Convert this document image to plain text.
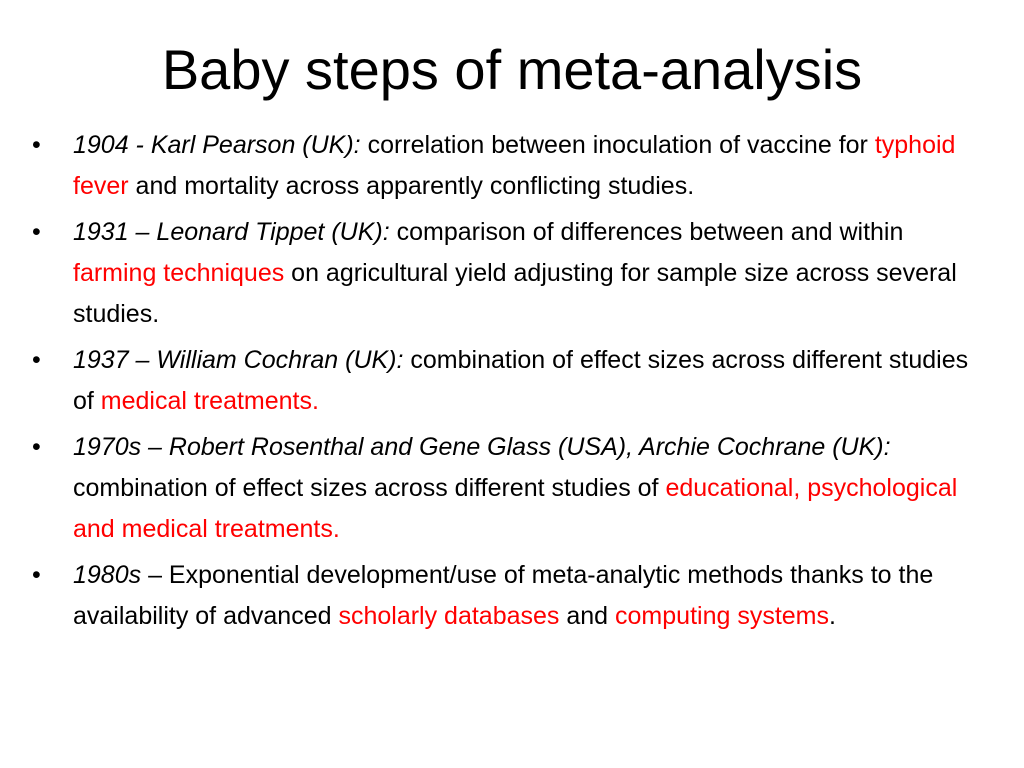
Baby steps of meta-analysis
•	1904 - Karl Pearson (UK): correlation between inoculation of vaccine for typhoid fever and mortality across apparently conflicting studies.
•	1931 – Leonard Tippet (UK): comparison of differences between and within farming techniques on agricultural yield adjusting for sample size across several studies.
•	1937 – William Cochran (UK): combination of effect sizes across different studies of medical treatments.
•	1970s – Robert Rosenthal and Gene Glass (USA), Archie Cochrane (UK): combination of effect sizes across different studies of educational, psychological and medical treatments.
•	1980s – Exponential development/use of meta-analytic methods thanks to the availability of advanced scholarly databases and computing systems.
